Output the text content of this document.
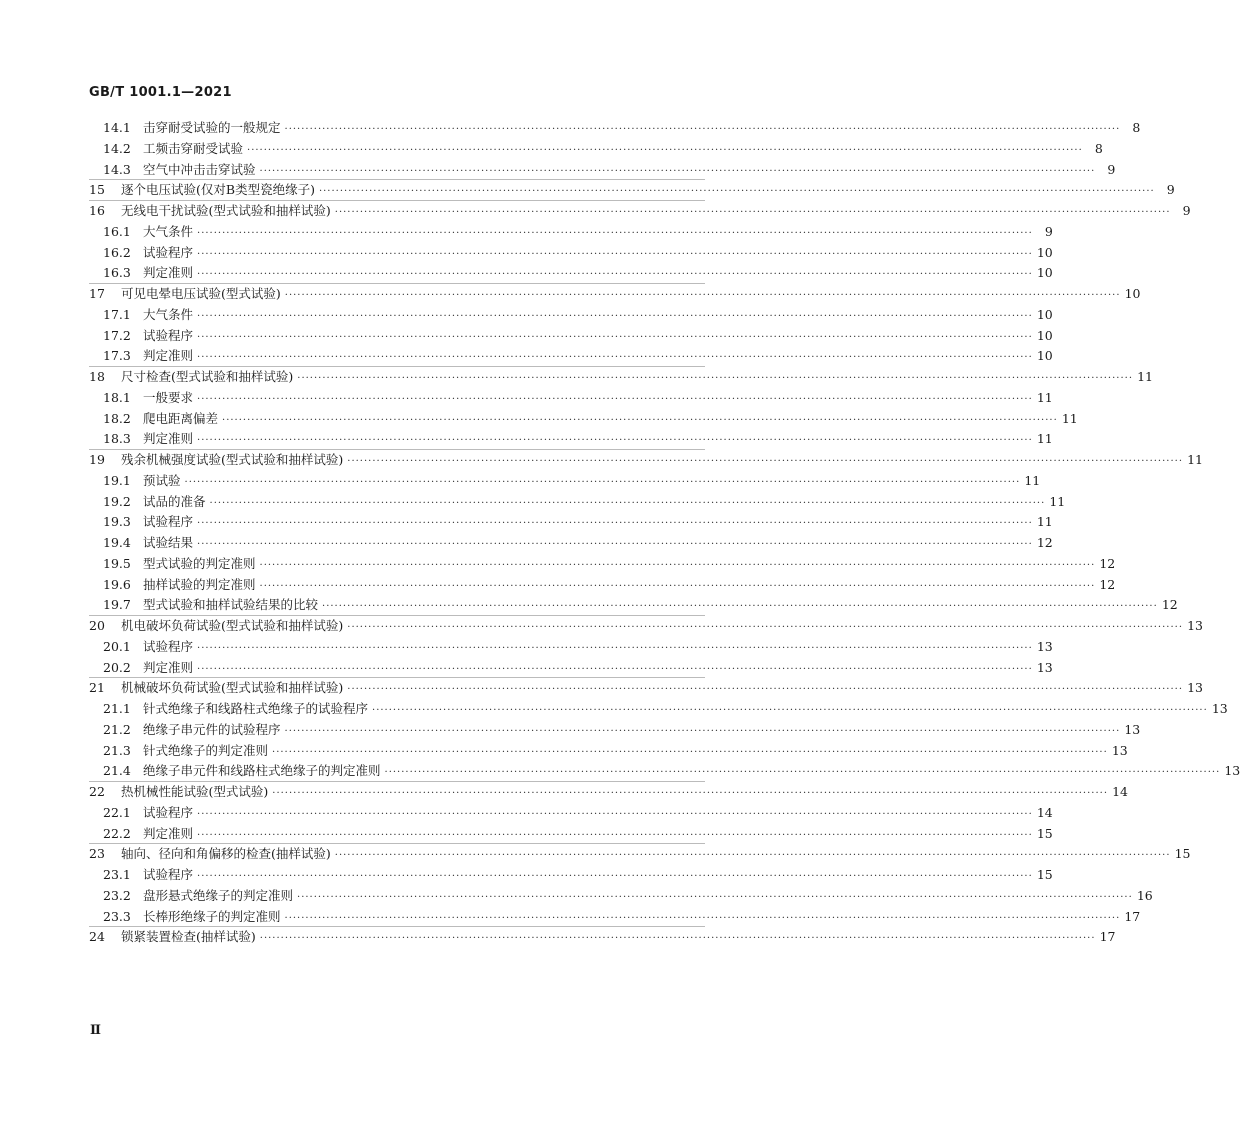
GB/T 1001.1—2021
14.1 击穿耐受试验的一般规定 ········································································································································································································ 8
14.2 工频击穿耐受试验 ········································································································································································································ 8
14.3 空气中冲击击穿试验 ········································································································································································································ 9
15	逐个电压试验(仅对B类型瓷绝缘子) ········································································································································································································ 9
16	无线电干扰试验(型式试验和抽样试验) ········································································································································································································ 9
16.1 大气条件 ········································································································································································································ 9
16.2 试验程序 ········································································································································································································ 10
16.3 判定准则 ········································································································································································································ 10
17	可见电晕电压试验(型式试验) ········································································································································································································ 10
17.1 大气条件 ········································································································································································································ 10
17.2 试验程序 ········································································································································································································ 10
17.3 判定准则 ········································································································································································································ 10
18	尺寸检查(型式试验和抽样试验) ········································································································································································································ 11
18.1 一般要求 ········································································································································································································ 11
18.2 爬电距离偏差 ········································································································································································································ 11
18.3 判定准则 ········································································································································································································ 11
19	残余机械强度试验(型式试验和抽样试验) ········································································································································································································ 11
19.1 预试验 ········································································································································································································ 11
19.2 试品的准备 ········································································································································································································ 11
19.3 试验程序 ········································································································································································································ 11
19.4 试验结果 ········································································································································································································ 12
19.5 型式试验的判定准则 ········································································································································································································ 12
19.6 抽样试验的判定准则 ········································································································································································································ 12
19.7 型式试验和抽样试验结果的比较 ········································································································································································································ 12
20	机电破坏负荷试验(型式试验和抽样试验) ········································································································································································································ 13
20.1 试验程序 ········································································································································································································ 13
20.2 判定准则 ········································································································································································································ 13
21	机械破坏负荷试验(型式试验和抽样试验) ········································································································································································································ 13
21.1 针式绝缘子和线路柱式绝缘子的试验程序 ········································································································································································································ 13
21.2 绝缘子串元件的试验程序 ········································································································································································································ 13
21.3 针式绝缘子的判定准则 ········································································································································································································ 13
21.4 绝缘子串元件和线路柱式绝缘子的判定准则 ········································································································································································································ 13
22	热机械性能试验(型式试验) ········································································································································································································ 14
22.1 试验程序 ········································································································································································································ 14
22.2 判定准则 ········································································································································································································ 15
23	轴向、径向和角偏移的检查(抽样试验) ········································································································································································································ 15
23.1 试验程序 ········································································································································································································ 15
23.2 盘形悬式绝缘子的判定准则 ········································································································································································································ 16
23.3 长棒形绝缘子的判定准则 ········································································································································································································ 17
24	锁紧装置检查(抽样试验) ········································································································································································································ 17
Ⅱ
